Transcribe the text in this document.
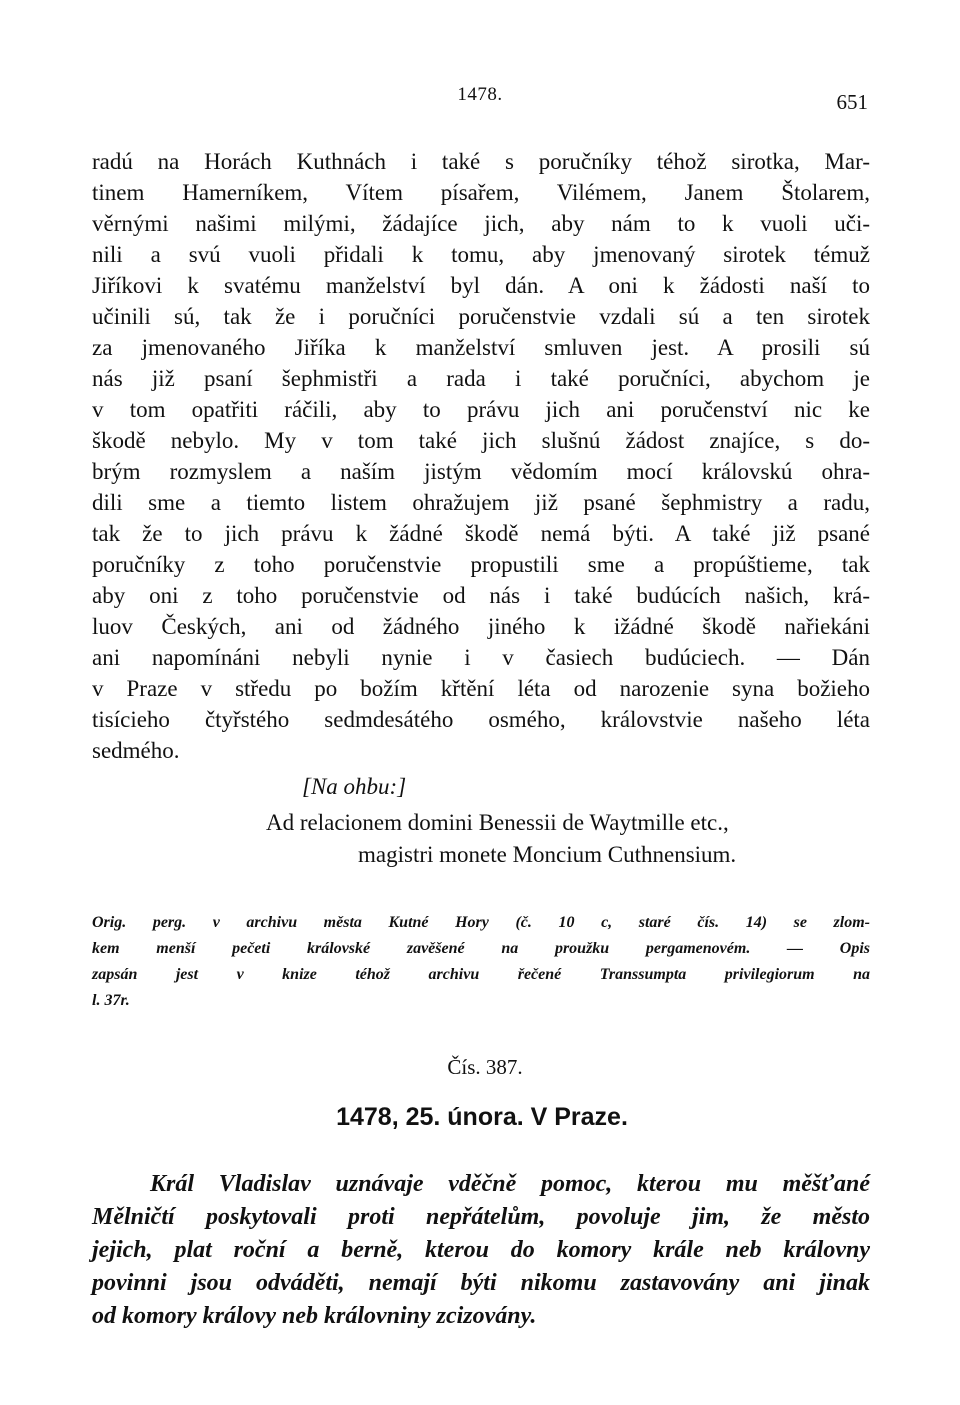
1478.	651
radú na Horách Kuthnách i také s poručníky téhož sirotka, Mar-
tinem Hamerníkem, Vítem písařem, Vilémem, Janem Štolarem,
věrnými našimi milými, žádajíce jich, aby nám to k vuoli uči-
nili a svú vuoli přidali k tomu, aby jmenovaný sirotek témuž
Jiříkovi k svatému manželství byl dán. A oni k žádosti naší to
učinili sú, tak že i poručníci poručenstvie vzdali sú a ten sirotek
za jmenovaného Jiříka k manželství smluven jest. A prosili sú
nás již psaní šephmistři a rada i také poručníci, abychom je
v tom opatřiti ráčili, aby to právu jich ani poručenství nic ke
škodě nebylo. My v tom také jich slušnú žádost znajíce, s do-
brým rozmyslem a naším jistým vědomím mocí královskú ohra-
dili sme a tiemto listem ohražujem již psané šephmistry a radu,
tak že to jich právu k žádné škodě nemá býti. A také již psané
poručníky z toho poručenstvie propustili sme a propúštieme, tak
aby oni z toho poručenstvie od nás i také budúcích našich, krá-
luov Českých, ani od žádného jiného k ižádné škodě nařiekáni
ani napomínáni nebyli nynie i v časiech budúciech. — Dán
v Praze v středu po božím křtění léta od narozenie syna božieho
tisícieho čtyřstého sedmdesátého osmého, královstvie našeho léta
sedmého.
[Na ohbu:]
Ad relacionem domini Benessii de Waytmille etc.,
magistri monete Moncium Cuthnensium.
Orig. perg. v archivu města Kutné Hory (č. 10 c, staré čís. 14) se zlom-
kem menší pečeti královské zavěšené na proužku pergamenovém. — Opis
zapsán jest v knize téhož archivu řečené Transsumpta privilegiorum na
l. 37r.
Čís. 387.
1478, 25. února. V Praze.
Král Vladislav uznávaje vděčně pomoc, kterou mu měšťané
Mělničtí poskytovali proti nepřátelům, povoluje jim, že město
jejich, plat roční a berně, kterou do komory krále neb královny
povinni jsou odváděti, nemají býti nikomu zastavovány ani jinak
od komory královy neb královniny zcizovány.
